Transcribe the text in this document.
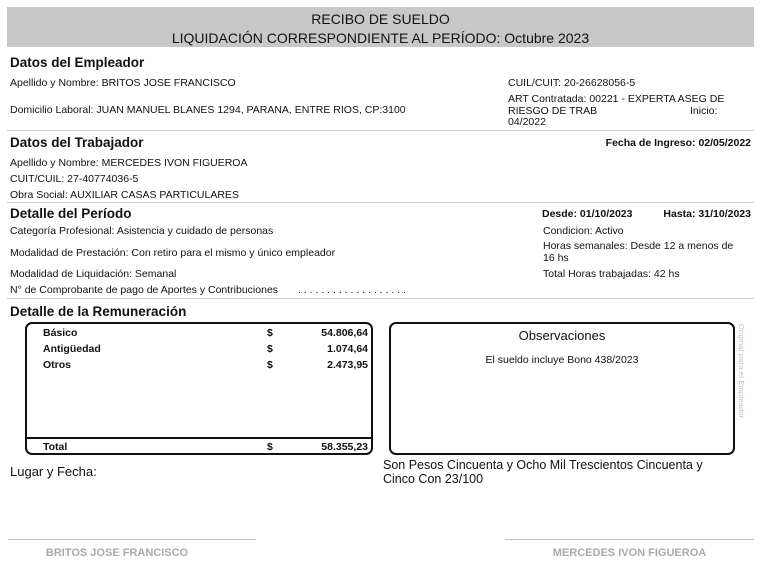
RECIBO DE SUELDO
LIQUIDACIÓN CORRESPONDIENTE AL PERÍODO: Octubre 2023
Datos del Empleador
Apellido y Nombre: BRITOS JOSE FRANCISCO	CUIL/CUIT: 20-26628056-5
Domicilio Laboral: JUAN MANUEL BLANES 1294, PARANA, ENTRE RIOS, CP:3100
ART Contratada: 00221 - EXPERTA ASEG DE
RIESGO DE TRAB	Inicio:
04/2022
Datos del Trabajador	Fecha de Ingreso: 02/05/2022
Apellido y Nombre: MERCEDES IVON FIGUEROA
CUIT/CUIL: 27-40774036-5
Obra Social: AUXILIAR CASAS PARTICULARES
Detalle del Período	Desde: 01/10/2023	Hasta: 31/10/2023
Categoría Profesional: Asistencia y cuidado de personas	Condicion: Activo
Modalidad de Prestación: Con retiro para el mismo y único empleador
Horas semanales: Desde 12 a menos de
16 hs
Modalidad de Liquidación: Semanal	Total Horas trabajadas: 42 hs
N° de Comprobante de pago de Aportes y Contribuciones . . . . . . . . . . . . . . . . . . .
Detalle de la Remuneración
Básico	$	54.806,64
Antigüedad	$	1.074,64
Otros	$	2.473,95
Total	$	58.355,23
Observaciones
El sueldo incluye Bono 438/2023	Original para el Empleador
Lugar y Fecha:	Son Pesos Cincuenta y Ocho Mil Trescientos Cincuenta y
Cinco Con 23/100
BRITOS JOSE FRANCISCO	MERCEDES IVON FIGUEROA
